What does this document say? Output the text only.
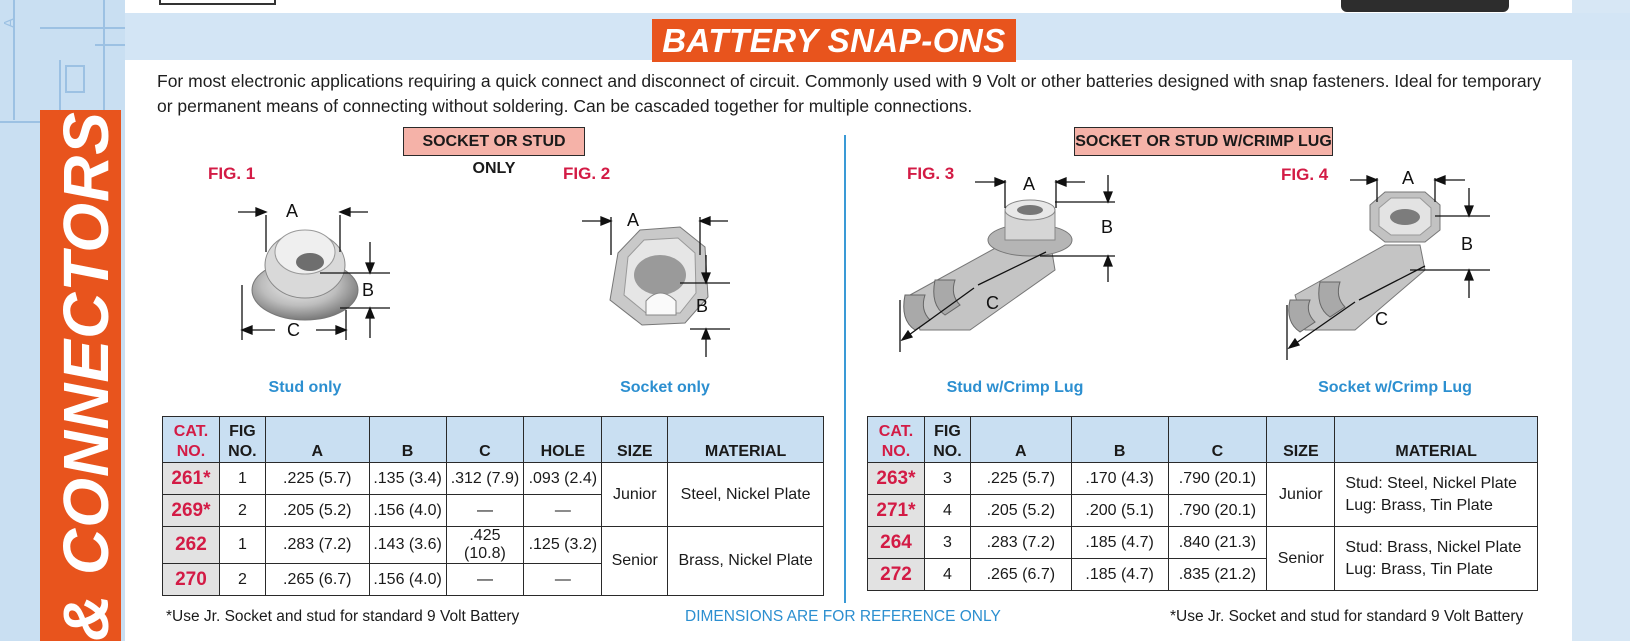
A
& CONNECTORS
BATTERY SNAP-ONS
For most electronic applications requiring a quick connect and disconnect of circuit. Commonly used with 9 Volt or other batteries designed with snap fasteners. Ideal for temporary or permanent means of connecting without soldering. Can be cascaded together for multiple connections.
SOCKET OR STUD ONLY
SOCKET OR STUD W/CRIMP LUG
FIG. 1	FIG. 2	FIG. 3	FIG. 4
A
B
C
A
B
A
B
C
A
B
C
Stud only	Socket only	Stud w/Crimp Lug	Socket w/Crimp Lug
CAT.
NO.	FIG
NO.	A	B	C	HOLE	SIZE	MATERIAL
261*	1	.225 (5.7)	.135 (3.4)	.312 (7.9)	.093 (2.4)	Junior	Steel, Nickel Plate
269*	2	.205 (5.2)	.156 (4.0)	—	—		
262	1	.283 (7.2)	.143 (3.6)	.425 (10.8)	.125 (3.2)	Senior	Brass, Nickel Plate
270	2	.265 (6.7)	.156 (4.0)	—	—		
CAT.
NO.	FIG
NO.	A	B	C	SIZE	MATERIAL
263*	3	.225 (5.7)	.170 (4.3)	.790 (20.1)	Junior	Stud: Steel, Nickel Plate
Lug: Brass, Tin Plate
271*	4	.205 (5.2)	.200 (5.1)	.790 (20.1)		
264	3	.283 (7.2)	.185 (4.7)	.840 (21.3)	Senior	Stud: Brass, Nickel Plate
Lug: Brass, Tin Plate
272	4	.265 (6.7)	.185 (4.7)	.835 (21.2)		
*Use Jr. Socket and stud for standard 9 Volt Battery	DIMENSIONS ARE FOR REFERENCE ONLY	*Use Jr. Socket and stud for standard 9 Volt Battery
